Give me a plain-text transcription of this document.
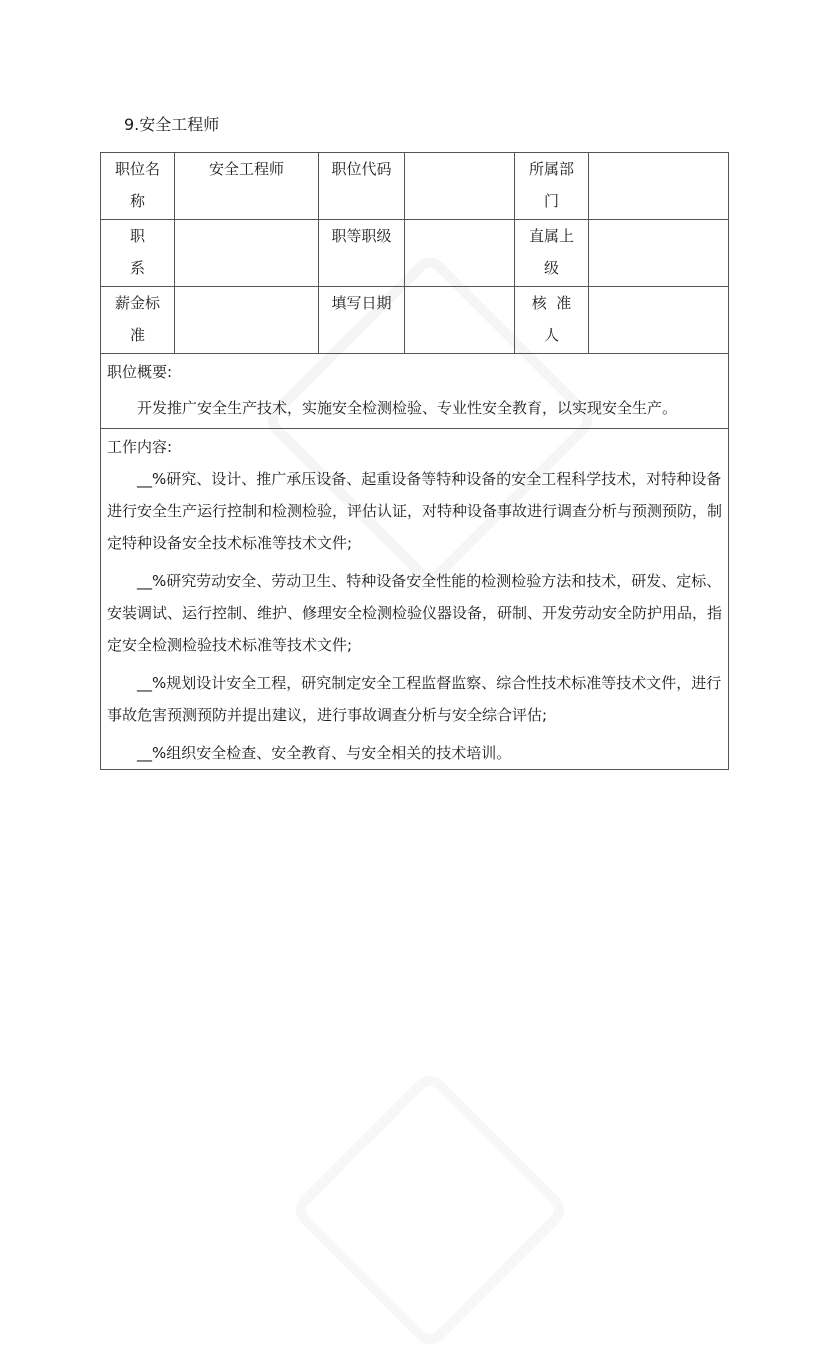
9.安全工程师
职位名
称	安全工程师	职位代码		所属部
门	

职
系		职等职级		直属上
级	

薪金标
准		填写日期		核  准
人	

职位概要:
开发推广安全生产技术，实施安全检测检验、专业性安全教育，以实现安全生产。					

工作内容:
__%研究、设计、推广承压设备、起重设备等特种设备的安全工程科学技术，对特种设备进行安全生产运行控制和检测检验，评估认证，对特种设备事故进行调查分析与预测预防，制定特种设备安全技术标准等技术文件;
__%研究劳动安全、劳动卫生、特种设备安全性能的检测检验方法和技术，研发、定标、安装调试、运行控制、维护、修理安全检测检验仪器设备，研制、开发劳动安全防护用品，指定安全检测检验技术标准等技术文件;
__%规划设计安全工程，研究制定安全工程监督监察、综合性技术标准等技术文件，进行事故危害预测预防并提出建议，进行事故调查分析与安全综合评估;
__%组织安全检查、安全教育、与安全相关的技术培训。					
